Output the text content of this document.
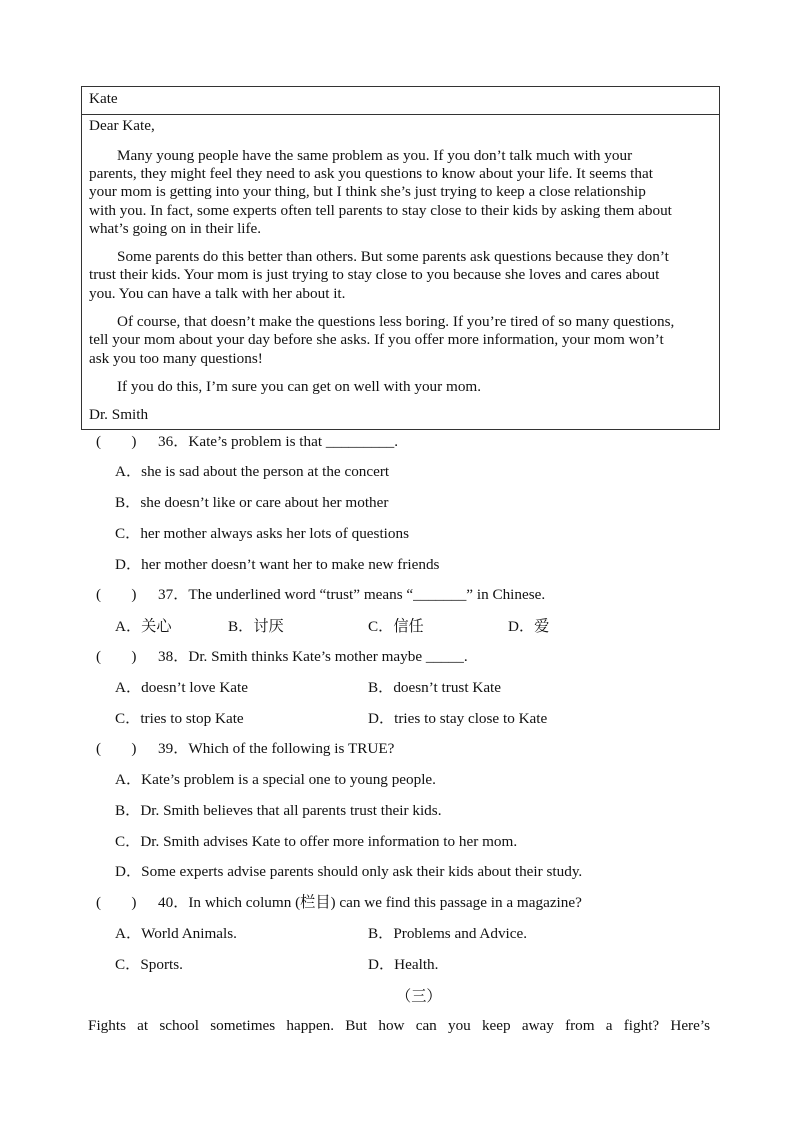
Kate
Dear Kate,
Many young people have the same problem as you. If you don’t talk much with your
parents, they might feel they need to ask you questions to know about your life. It seems that
your mom is getting into your thing, but I think she’s just trying to keep a close relationship
with you. In fact, some experts often tell parents to stay close to their kids by asking them about
what’s going on in their life.
Some parents do this better than others. But some parents ask questions because they don’t
trust their kids. Your mom is just trying to stay close to you because she loves and cares about
you. You can have a talk with her about it.
Of course, that doesn’t make the questions less boring. If you’re tired of so many questions,
tell your mom about your day before she asks. If you offer more information, your mom won’t
ask you too many questions!
If you do this, I’m sure you can get on well with your mom.
Dr. Smith
(　　) 36．Kate’s problem is that _________.
A．she is sad about the person at the concert
B．she doesn’t like or care about her mother
C．her mother always asks her lots of questions
D．her mother doesn’t want her to make new friends
(　　) 37．The underlined word “trust” means “_______” in Chinese.
A．关心	B．讨厌	C．信任	D．爱
(　　) 38．Dr. Smith thinks Kate’s mother maybe _____.
A．doesn’t love Kate	B．doesn’t trust Kate
C．tries to stop Kate	D．tries to stay close to Kate
(　　) 39．Which of the following is TRUE?
A．Kate’s problem is a special one to young people.
B．Dr. Smith believes that all parents trust their kids.
C．Dr. Smith advises Kate to offer more information to her mom.
D．Some experts advise parents should only ask their kids about their study.
(　　) 40．In which column (栏目) can we find this passage in a magazine?
A．World Animals.	B．Problems and Advice.
C．Sports.	D．Health.
（三）
Fights at school sometimes happen. But how can you keep away from a fight? Here’s
